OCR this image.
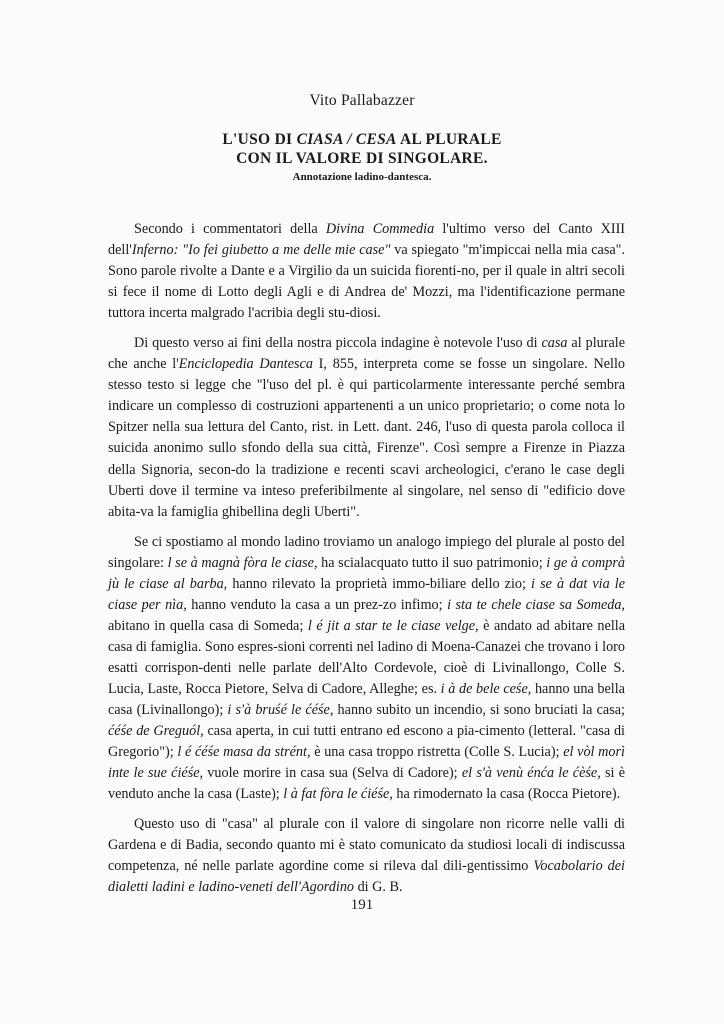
Vito Pallabazzer
L'USO DI CIASA / CESA AL PLURALE
CON IL VALORE DI SINGOLARE.
Annotazione ladino-dantesca.

Secondo i commentatori della Divina Commedia l'ultimo verso del Canto XIII dell'Inferno: "Io fei giubetto a me delle mie case" va spiegato "m'impiccai nella mia casa". Sono parole rivolte a Dante e a Virgilio da un suicida fiorenti-no, per il quale in altri secoli si fece il nome di Lotto degli Agli e di Andrea de' Mozzi, ma l'identificazione permane tuttora incerta malgrado l'acribia degli stu-diosi.

Di questo verso ai fini della nostra piccola indagine è notevole l'uso di casa al plurale che anche l'Enciclopedia Dantesca I, 855, interpreta come se fosse un singolare. Nello stesso testo si legge che "l'uso del pl. è qui particolarmente interessante perché sembra indicare un complesso di costruzioni appartenenti a un unico proprietario; o come nota lo Spitzer nella sua lettura del Canto, rist. in Lett. dant. 246, l'uso di questa parola colloca il suicida anonimo sullo sfondo della sua città, Firenze". Così sempre a Firenze in Piazza della Signoria, secon-do la tradizione e recenti scavi archeologici, c'erano le case degli Uberti dove il termine va inteso preferibilmente al singolare, nel senso di "edificio dove abita-va la famiglia ghibellina degli Uberti".

Se ci spostiamo al mondo ladino troviamo un analogo impiego del plurale al posto del singolare: l se à magnà fòra le ciase, ha scialacquato tutto il suo patrimonio; i ge à comprà jù le ciase al barba, hanno rilevato la proprietà immo-biliare dello zio; i se à dat via le ciase per nìa, hanno venduto la casa a un prez-zo infimo; i sta te chele ciase sa Someda, abitano in quella casa di Someda; l é jit a star te le ciase velge, è andato ad abitare nella casa di famiglia. Sono espres-sioni correnti nel ladino di Moena-Canazei che trovano i loro esatti corrispon-denti nelle parlate dell'Alto Cordevole, cioè di Livinallongo, Colle S. Lucia, Laste, Rocca Pietore, Selva di Cadore, Alleghe; es. i à de bele ceśe, hanno una bella casa (Livinallongo); i s'à bruśé le ćéśe, hanno subito un incendio, si sono bruciati la casa; ćéśe de Greguól, casa aperta, in cui tutti entrano ed escono a pia-cimento (letteral. "casa di Gregorio"); l é ćéśe masa da strént, è una casa troppo ristretta (Colle S. Lucia); el vòl morì inte le sue ćiéśe, vuole morire in casa sua (Selva di Cadore); el s'à venù énća le ćèśe, si è venduto anche la casa (Laste); l à fat fòra le ćiéśe, ha rimodernato la casa (Rocca Pietore).

Questo uso di "casa" al plurale con il valore di singolare non ricorre nelle valli di Gardena e di Badia, secondo quanto mi è stato comunicato da studiosi locali di indiscussa competenza, né nelle parlate agordine come si rileva dal dili-gentissimo Vocabolario dei dialetti ladini e ladino-veneti dell'Agordino di G. B.

191
